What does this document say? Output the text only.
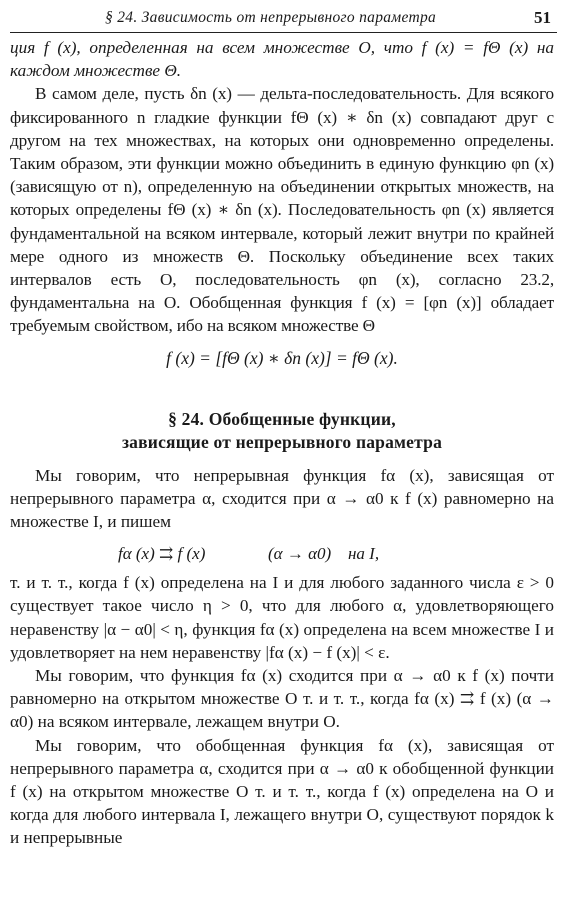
§ 24. Зависимость от непрерывного параметра	51

ция f (x), определенная на всем множестве O, что f (x) = fΘ (x) на каждом множестве Θ.

В самом деле, пусть δn (x) — дельта-последовательность. Для всякого фиксированного n гладкие функции fΘ (x) ∗ δn (x) совпадают друг с другом на тех множествах, на которых они одновременно определены. Таким образом, эти функции можно объединить в единую функцию φn (x) (зависящую от n), определенную на объединении открытых множеств, на которых определены fΘ (x) ∗ δn (x). Последовательность φn (x) является фундаментальной на всяком интервале, который лежит внутри по крайней мере одного из множеств Θ. Поскольку объединение всех таких интервалов есть O, последовательность φn (x), согласно 23.2, фундаментальна на O. Обобщенная функция f (x) = [φn (x)] обладает требуемым свойством, ибо на всяком множестве Θ

f (x) = [fΘ (x) ∗ δn (x)] = fΘ (x).
§ 24. Обобщенные функции,
зависящие от непрерывного параметра

Мы говорим, что непрерывная функция fα (x), зависящая от непрерывного параметра α, сходится при α → α0 к f (x) равномерно на множестве I, и пишем

fα (x) ⇉ f (x)	(α → α0) на I,

т. и т. т., когда f (x) определена на I и для любого заданного числа ε > 0 существует такое число η > 0, что для любого α, удовлетворяющего неравенству |α − α0| < η, функция fα (x) определена на всем множестве I и удовлетворяет на нем неравенству |fα (x) − f (x)| < ε.

Мы говорим, что функция fα (x) сходится при α → α0 к f (x) почти равномерно на открытом множестве O т. и т. т., когда fα (x) ⇉ f (x) (α → α0) на всяком интервале, лежащем внутри O.

Мы говорим, что обобщенная функция fα (x), зависящая от непрерывного параметра α, сходится при α → α0 к обобщенной функции f (x) на открытом множестве O т. и т. т., когда f (x) определена на O и когда для любого интервала I, лежащего внутри O, существуют порядок k и непрерывные
